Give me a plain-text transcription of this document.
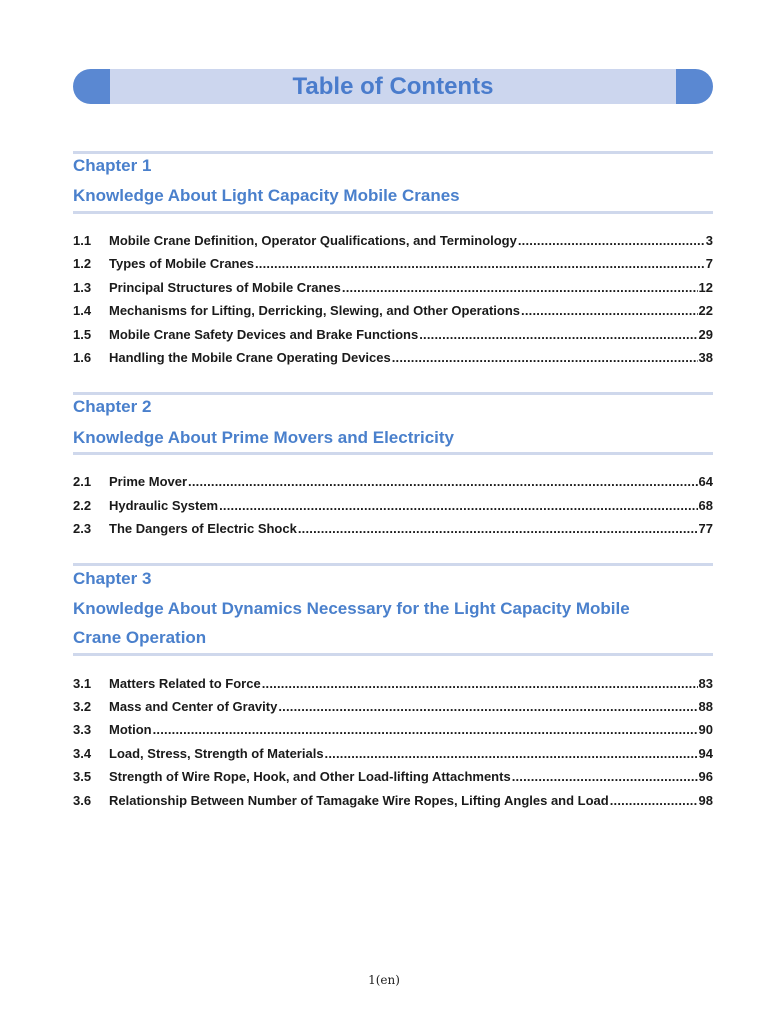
Table of Contents
Chapter 1
Knowledge About Light Capacity Mobile Cranes
1.1	Mobile Crane Definition, Operator Qualifications, and Terminology .....	3
1.2	Types of Mobile Cranes .....	7
1.3	Principal Structures of Mobile Cranes .....	12
1.4	Mechanisms for Lifting, Derricking, Slewing, and Other Operations .....	22
1.5	Mobile Crane Safety Devices and Brake Functions .....	29
1.6	Handling the Mobile Crane Operating Devices .....	38
Chapter 2
Knowledge About Prime Movers and Electricity
2.1	Prime Mover .....	64
2.2	Hydraulic System .....	68
2.3	The Dangers of Electric Shock .....	77
Chapter 3
Knowledge About Dynamics Necessary for the Light Capacity Mobile
Crane Operation
3.1	Matters Related to Force .....	83
3.2	Mass and Center of Gravity .....	88
3.3	Motion .....	90
3.4	Load, Stress, Strength of Materials .....	94
3.5	Strength of Wire Rope, Hook, and Other Load-lifting Attachments .....	96
3.6	Relationship Between Number of Tamagake Wire Ropes, Lifting Angles and Load .....	98
1(en)
